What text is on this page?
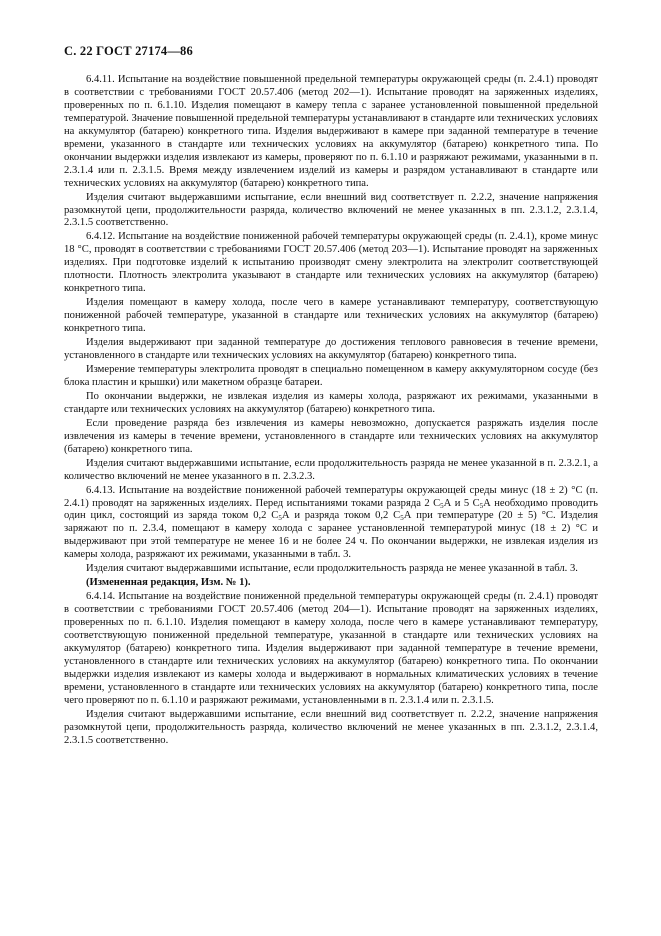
С. 22 ГОСТ 27174—86

6.4.11. Испытание на воздействие повышенной предельной температуры окружающей среды (п. 2.4.1) проводят в соответствии с требованиями ГОСТ 20.57.406 (метод 202—1). Испытание проводят на заряженных изделиях, проверенных по п. 6.1.10. Изделия помещают в камеру тепла с заранее установленной повышенной предельной температурой. Значение повышенной предельной температуры устанавливают в стандарте или технических условиях на аккумулятор (батарею) конкретного типа. Изделия выдерживают в камере при заданной температуре в течение времени, указанного в стандарте или технических условиях на аккумулятор (батарею) конкретного типа. По окончании выдержки изделия извлекают из камеры, проверяют по п. 6.1.10 и разряжают режимами, указанными в п. 2.3.1.4 или п. 2.3.1.5. Время между извлечением изделий из камеры и разрядом устанавливают в стандарте или технических условиях на аккумулятор (батарею) конкретного типа.

Изделия считают выдержавшими испытание, если внешний вид соответствует п. 2.2.2, значение напряжения разомкнутой цепи, продолжительности разряда, количество включений не менее указанных в пп. 2.3.1.2, 2.3.1.4, 2.3.1.5 соответственно.

6.4.12. Испытание на воздействие пониженной рабочей температуры окружающей среды (п. 2.4.1), кроме минус 18 °С, проводят в соответствии с требованиями ГОСТ 20.57.406 (метод 203—1). Испытание проводят на заряженных изделиях. При подготовке изделий к испытанию производят смену электролита на электролит соответствующей плотности. Плотность электролита указывают в стандарте или технических условиях на аккумулятор (батарею) конкретного типа.

Изделия помещают в камеру холода, после чего в камере устанавливают температуру, соответствующую пониженной рабочей температуре, указанной в стандарте или технических условиях на аккумулятор (батарею) конкретного типа.

Изделия выдерживают при заданной температуре до достижения теплового равновесия в течение времени, установленного в стандарте или технических условиях на аккумулятор (батарею) конкретного типа.

Измерение температуры электролита проводят в специально помещенном в камеру аккумуляторном сосуде (без блока пластин и крышки) или макетном образце батареи.

По окончании выдержки, не извлекая изделия из камеры холода, разряжают их режимами, указанными в стандарте или технических условиях на аккумулятор (батарею) конкретного типа.

Если проведение разряда без извлечения из камеры невозможно, допускается разряжать изделия после извлечения из камеры в течение времени, установленного в стандарте или технических условиях на аккумулятор (батарею) конкретного типа.

Изделия считают выдержавшими испытание, если продолжительность разряда не менее указанной в п. 2.3.2.1, а количество включений не менее указанного в п. 2.3.2.3.

6.4.13. Испытание на воздействие пониженной рабочей температуры окружающей среды минус (18 ± 2) °С (п. 2.4.1) проводят на заряженных изделиях. Перед испытаниями токами разряда 2 $С_5А$ и 5 $С_5А$ необходимо проводить один цикл, состоящий из заряда током 0,2 $С_5А$ и разряда током 0,2 $С_5А$ при температуре (20 ± 5) °С. Изделия заряжают по п. 2.3.4, помещают в камеру холода с заранее установленной температурой минус (18 ± 2) °С и выдерживают при этой температуре не менее 16 и не более 24 ч. По окончании выдержки, не извлекая изделия из камеры холода, разряжают их режимами, указанными в табл. 3.

Изделия считают выдержавшими испытание, если продолжительность разряда не менее указанной в табл. 3.

(Измененная редакция, Изм. № 1).

6.4.14. Испытание на воздействие пониженной предельной температуры окружающей среды (п. 2.4.1) проводят в соответствии с требованиями ГОСТ 20.57.406 (метод 204—1). Испытание проводят на заряженных изделиях, проверенных по п. 6.1.10. Изделия помещают в камеру холода, после чего в камере устанавливают температуру, соответствующую пониженной предельной температуре, указанной в стандарте или технических условиях на аккумулятор (батарею) конкретного типа. Изделия выдерживают при заданной температуре в течение времени, установленного в стандарте или технических условиях на аккумулятор (батарею) конкретного типа. По окончании выдержки изделия извлекают из камеры холода и выдерживают в нормальных климатических условиях в течение времени, установленного в стандарте или технических условиях на аккумулятор (батарею) конкретного типа, после чего проверяют по п. 6.1.10 и разряжают режимами, установленными в п. 2.3.1.4 или п. 2.3.1.5.

Изделия считают выдержавшими испытание, если внешний вид соответствует п. 2.2.2, значение напряжения разомкнутой цепи, продолжительность разряда, количество включений не менее указанных в пп. 2.3.1.2, 2.3.1.4, 2.3.1.5 соответственно.
